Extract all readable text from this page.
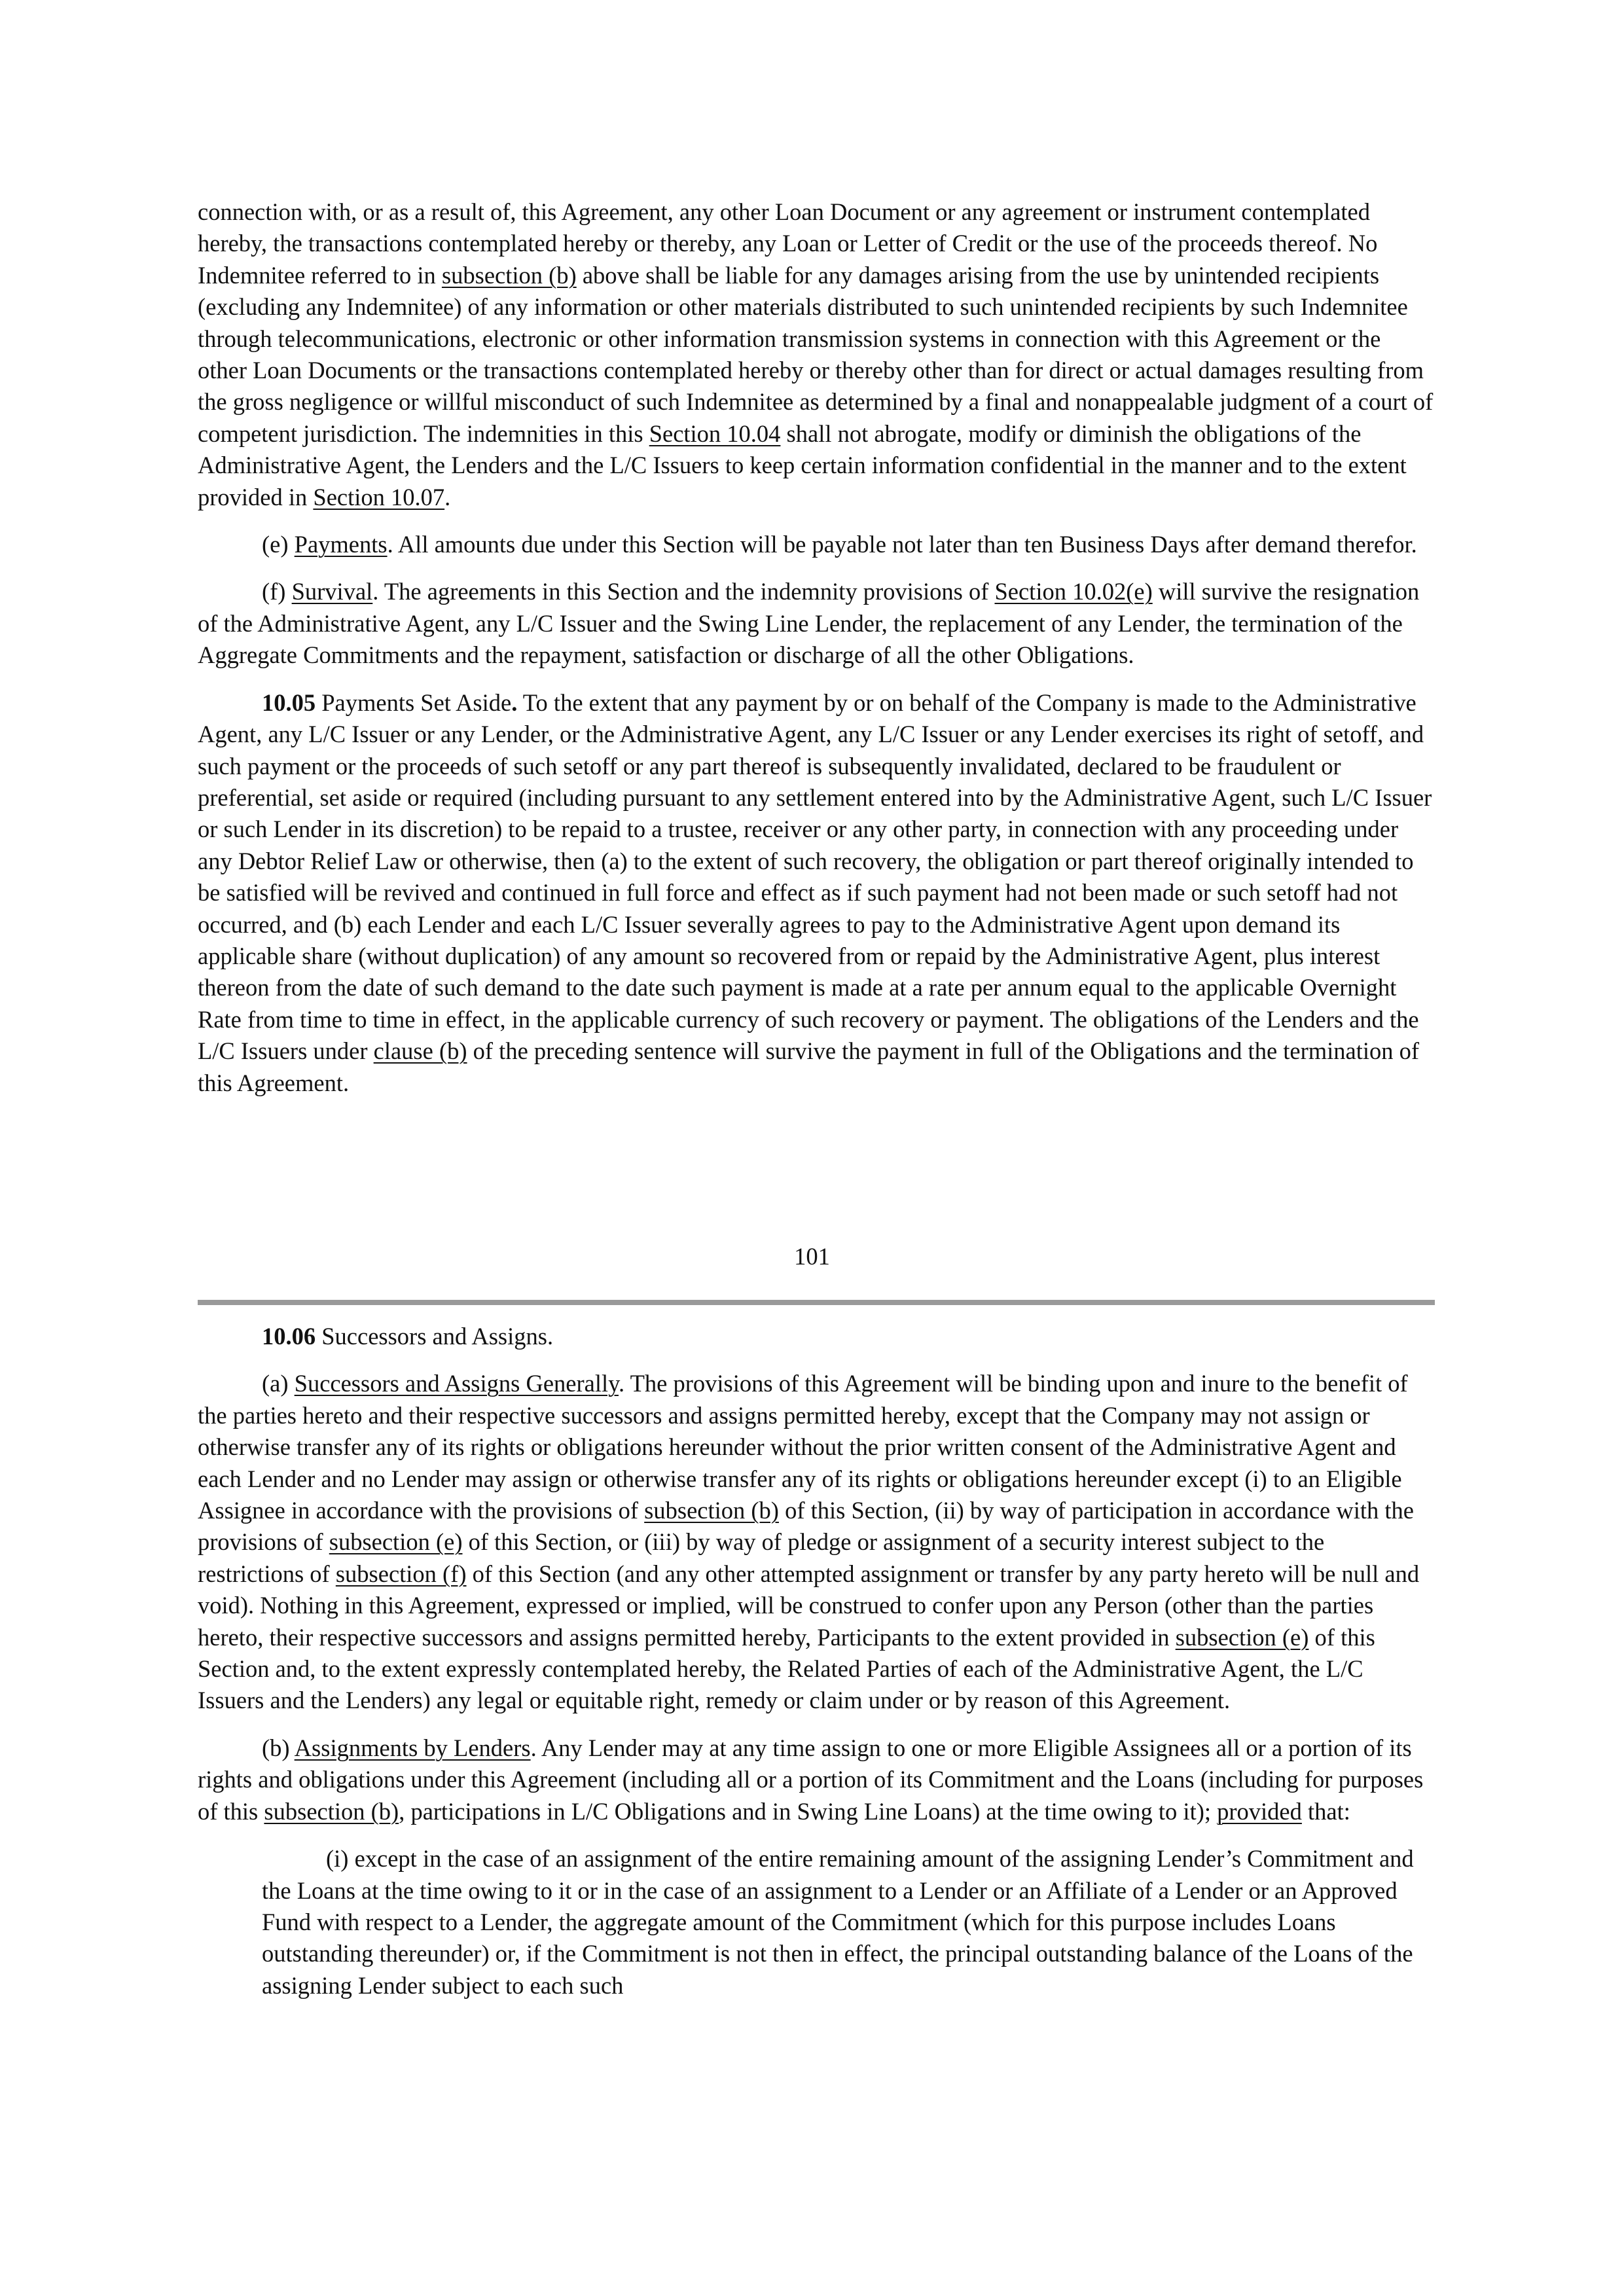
connection with, or as a result of, this Agreement, any other Loan Document or any agreement or instrument contemplated hereby, the transactions contemplated hereby or thereby, any Loan or Letter of Credit or the use of the proceeds thereof. No Indemnitee referred to in subsection (b) above shall be liable for any damages arising from the use by unintended recipients (excluding any Indemnitee) of any information or other materials distributed to such unintended recipients by such Indemnitee through telecommunications, electronic or other information transmission systems in connection with this Agreement or the other Loan Documents or the transactions contemplated hereby or thereby other than for direct or actual damages resulting from the gross negligence or willful misconduct of such Indemnitee as determined by a final and nonappealable judgment of a court of competent jurisdiction. The indemnities in this Section 10.04 shall not abrogate, modify or diminish the obligations of the Administrative Agent, the Lenders and the L/C Issuers to keep certain information confidential in the manner and to the extent provided in Section 10.07.

(e) Payments. All amounts due under this Section will be payable not later than ten Business Days after demand therefor.

(f) Survival. The agreements in this Section and the indemnity provisions of Section 10.02(e) will survive the resignation of the Administrative Agent, any L/C Issuer and the Swing Line Lender, the replacement of any Lender, the termination of the Aggregate Commitments and the repayment, satisfaction or discharge of all the other Obligations.

10.05 Payments Set Aside. To the extent that any payment by or on behalf of the Company is made to the Administrative Agent, any L/C Issuer or any Lender, or the Administrative Agent, any L/C Issuer or any Lender exercises its right of setoff, and such payment or the proceeds of such setoff or any part thereof is subsequently invalidated, declared to be fraudulent or preferential, set aside or required (including pursuant to any settlement entered into by the Administrative Agent, such L/C Issuer or such Lender in its discretion) to be repaid to a trustee, receiver or any other party, in connection with any proceeding under any Debtor Relief Law or otherwise, then (a) to the extent of such recovery, the obligation or part thereof originally intended to be satisfied will be revived and continued in full force and effect as if such payment had not been made or such setoff had not occurred, and (b) each Lender and each L/C Issuer severally agrees to pay to the Administrative Agent upon demand its applicable share (without duplication) of any amount so recovered from or repaid by the Administrative Agent, plus interest thereon from the date of such demand to the date such payment is made at a rate per annum equal to the applicable Overnight Rate from time to time in effect, in the applicable currency of such recovery or payment. The obligations of the Lenders and the L/C Issuers under clause (b) of the preceding sentence will survive the payment in full of the Obligations and the termination of this Agreement.

101

10.06 Successors and Assigns.

(a) Successors and Assigns Generally. The provisions of this Agreement will be binding upon and inure to the benefit of the parties hereto and their respective successors and assigns permitted hereby, except that the Company may not assign or otherwise transfer any of its rights or obligations hereunder without the prior written consent of the Administrative Agent and each Lender and no Lender may assign or otherwise transfer any of its rights or obligations hereunder except (i) to an Eligible Assignee in accordance with the provisions of subsection (b) of this Section, (ii) by way of participation in accordance with the provisions of subsection (e) of this Section, or (iii) by way of pledge or assignment of a security interest subject to the restrictions of subsection (f) of this Section (and any other attempted assignment or transfer by any party hereto will be null and void). Nothing in this Agreement, expressed or implied, will be construed to confer upon any Person (other than the parties hereto, their respective successors and assigns permitted hereby, Participants to the extent provided in subsection (e) of this Section and, to the extent expressly contemplated hereby, the Related Parties of each of the Administrative Agent, the L/C Issuers and the Lenders) any legal or equitable right, remedy or claim under or by reason of this Agreement.

(b) Assignments by Lenders. Any Lender may at any time assign to one or more Eligible Assignees all or a portion of its rights and obligations under this Agreement (including all or a portion of its Commitment and the Loans (including for purposes of this subsection (b), participations in L/C Obligations and in Swing Line Loans) at the time owing to it); provided that:

(i) except in the case of an assignment of the entire remaining amount of the assigning Lender’s Commitment and the Loans at the time owing to it or in the case of an assignment to a Lender or an Affiliate of a Lender or an Approved Fund with respect to a Lender, the aggregate amount of the Commitment (which for this purpose includes Loans outstanding thereunder) or, if the Commitment is not then in effect, the principal outstanding balance of the Loans of the assigning Lender subject to each such
